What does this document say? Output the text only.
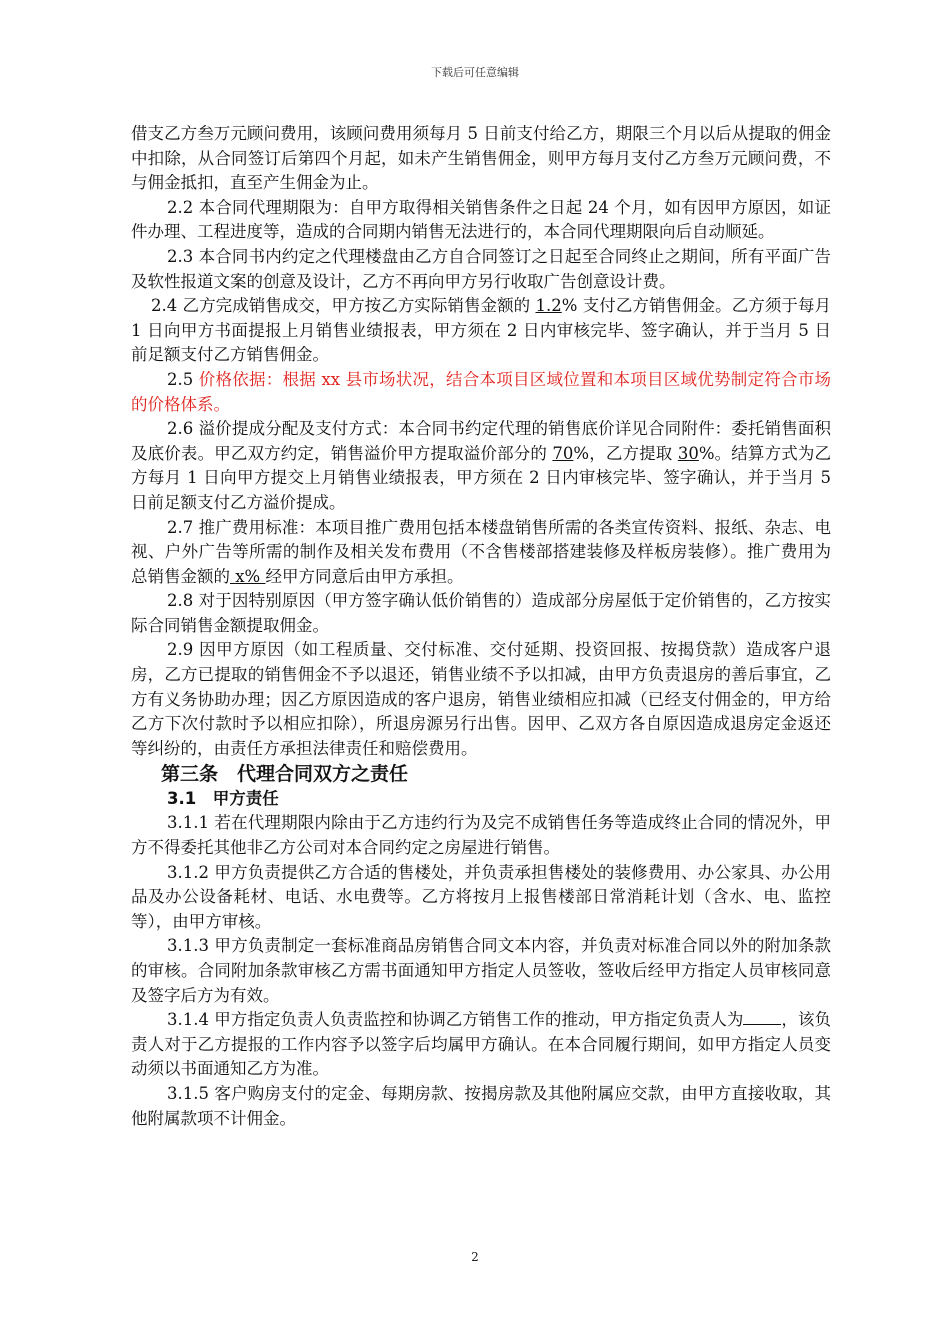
下载后可任意编辑

借支乙方叁万元顾问费用，该顾问费用须每月 5 日前支付给乙方，期限三个月以后从提取的佣金中扣除，从合同签订后第四个月起，如未产生销售佣金，则甲方每月支付乙方叁万元顾问费，不与佣金抵扣，直至产生佣金为止。

2.2 本合同代理期限为：自甲方取得相关销售条件之日起 24 个月，如有因甲方原因，如证件办理、工程进度等，造成的合同期内销售无法进行的，本合同代理期限向后自动顺延。

2.3 本合同书内约定之代理楼盘由乙方自合同签订之日起至合同终止之期间，所有平面广告及软性报道文案的创意及设计，乙方不再向甲方另行收取广告创意设计费。

2.4 乙方完成销售成交，甲方按乙方实际销售金额的 1.2% 支付乙方销售佣金。乙方须于每月 1 日向甲方书面提报上月销售业绩报表，甲方须在 2 日内审核完毕、签字确认，并于当月 5 日前足额支付乙方销售佣金。

2.5 价格依据：根据 xx 县市场状况，结合本项目区域位置和本项目区域优势制定符合市场的价格体系。

2.6 溢价提成分配及支付方式：本合同书约定代理的销售底价详见合同附件：委托销售面积及底价表。甲乙双方约定，销售溢价甲方提取溢价部分的 70%，乙方提取 30%。结算方式为乙方每月 1 日向甲方提交上月销售业绩报表，甲方须在 2 日内审核完毕、签字确认，并于当月 5 日前足额支付乙方溢价提成。

2.7 推广费用标准：本项目推广费用包括本楼盘销售所需的各类宣传资料、报纸、杂志、电视、户外广告等所需的制作及相关发布费用（不含售楼部搭建装修及样板房装修）。推广费用为总销售金额的 x% 经甲方同意后由甲方承担。

2.8 对于因特别原因（甲方签字确认低价销售的）造成部分房屋低于定价销售的，乙方按实际合同销售金额提取佣金。

2.9 因甲方原因（如工程质量、交付标准、交付延期、投资回报、按揭贷款）造成客户退房，乙方已提取的销售佣金不予以退还，销售业绩不予以扣减，由甲方负责退房的善后事宜，乙方有义务协助办理；因乙方原因造成的客户退房，销售业绩相应扣减（已经支付佣金的，甲方给乙方下次付款时予以相应扣除），所退房源另行出售。因甲、乙双方各自原因造成退房定金返还等纠纷的，由责任方承担法律责任和赔偿费用。

第三条　代理合同双方之责任

3.1　甲方责任

3.1.1 若在代理期限内除由于乙方违约行为及完不成销售任务等造成终止合同的情况外，甲方不得委托其他非乙方公司对本合同约定之房屋进行销售。

3.1.2 甲方负责提供乙方合适的售楼处，并负责承担售楼处的装修费用、办公家具、办公用品及办公设备耗材、电话、水电费等。乙方将按月上报售楼部日常消耗计划（含水、电、监控等），由甲方审核。

3.1.3 甲方负责制定一套标准商品房销售合同文本内容，并负责对标准合同以外的附加条款的审核。合同附加条款审核乙方需书面通知甲方指定人员签收，签收后经甲方指定人员审核同意及签字后方为有效。

3.1.4 甲方指定负责人负责监控和协调乙方销售工作的推动，甲方指定负责人为 ，该负责人对于乙方提报的工作内容予以签字后均属甲方确认。在本合同履行期间，如甲方指定人员变动须以书面通知乙方为准。

3.1.5 客户购房支付的定金、每期房款、按揭房款及其他附属应交款，由甲方直接收取，其他附属款项不计佣金。

2
